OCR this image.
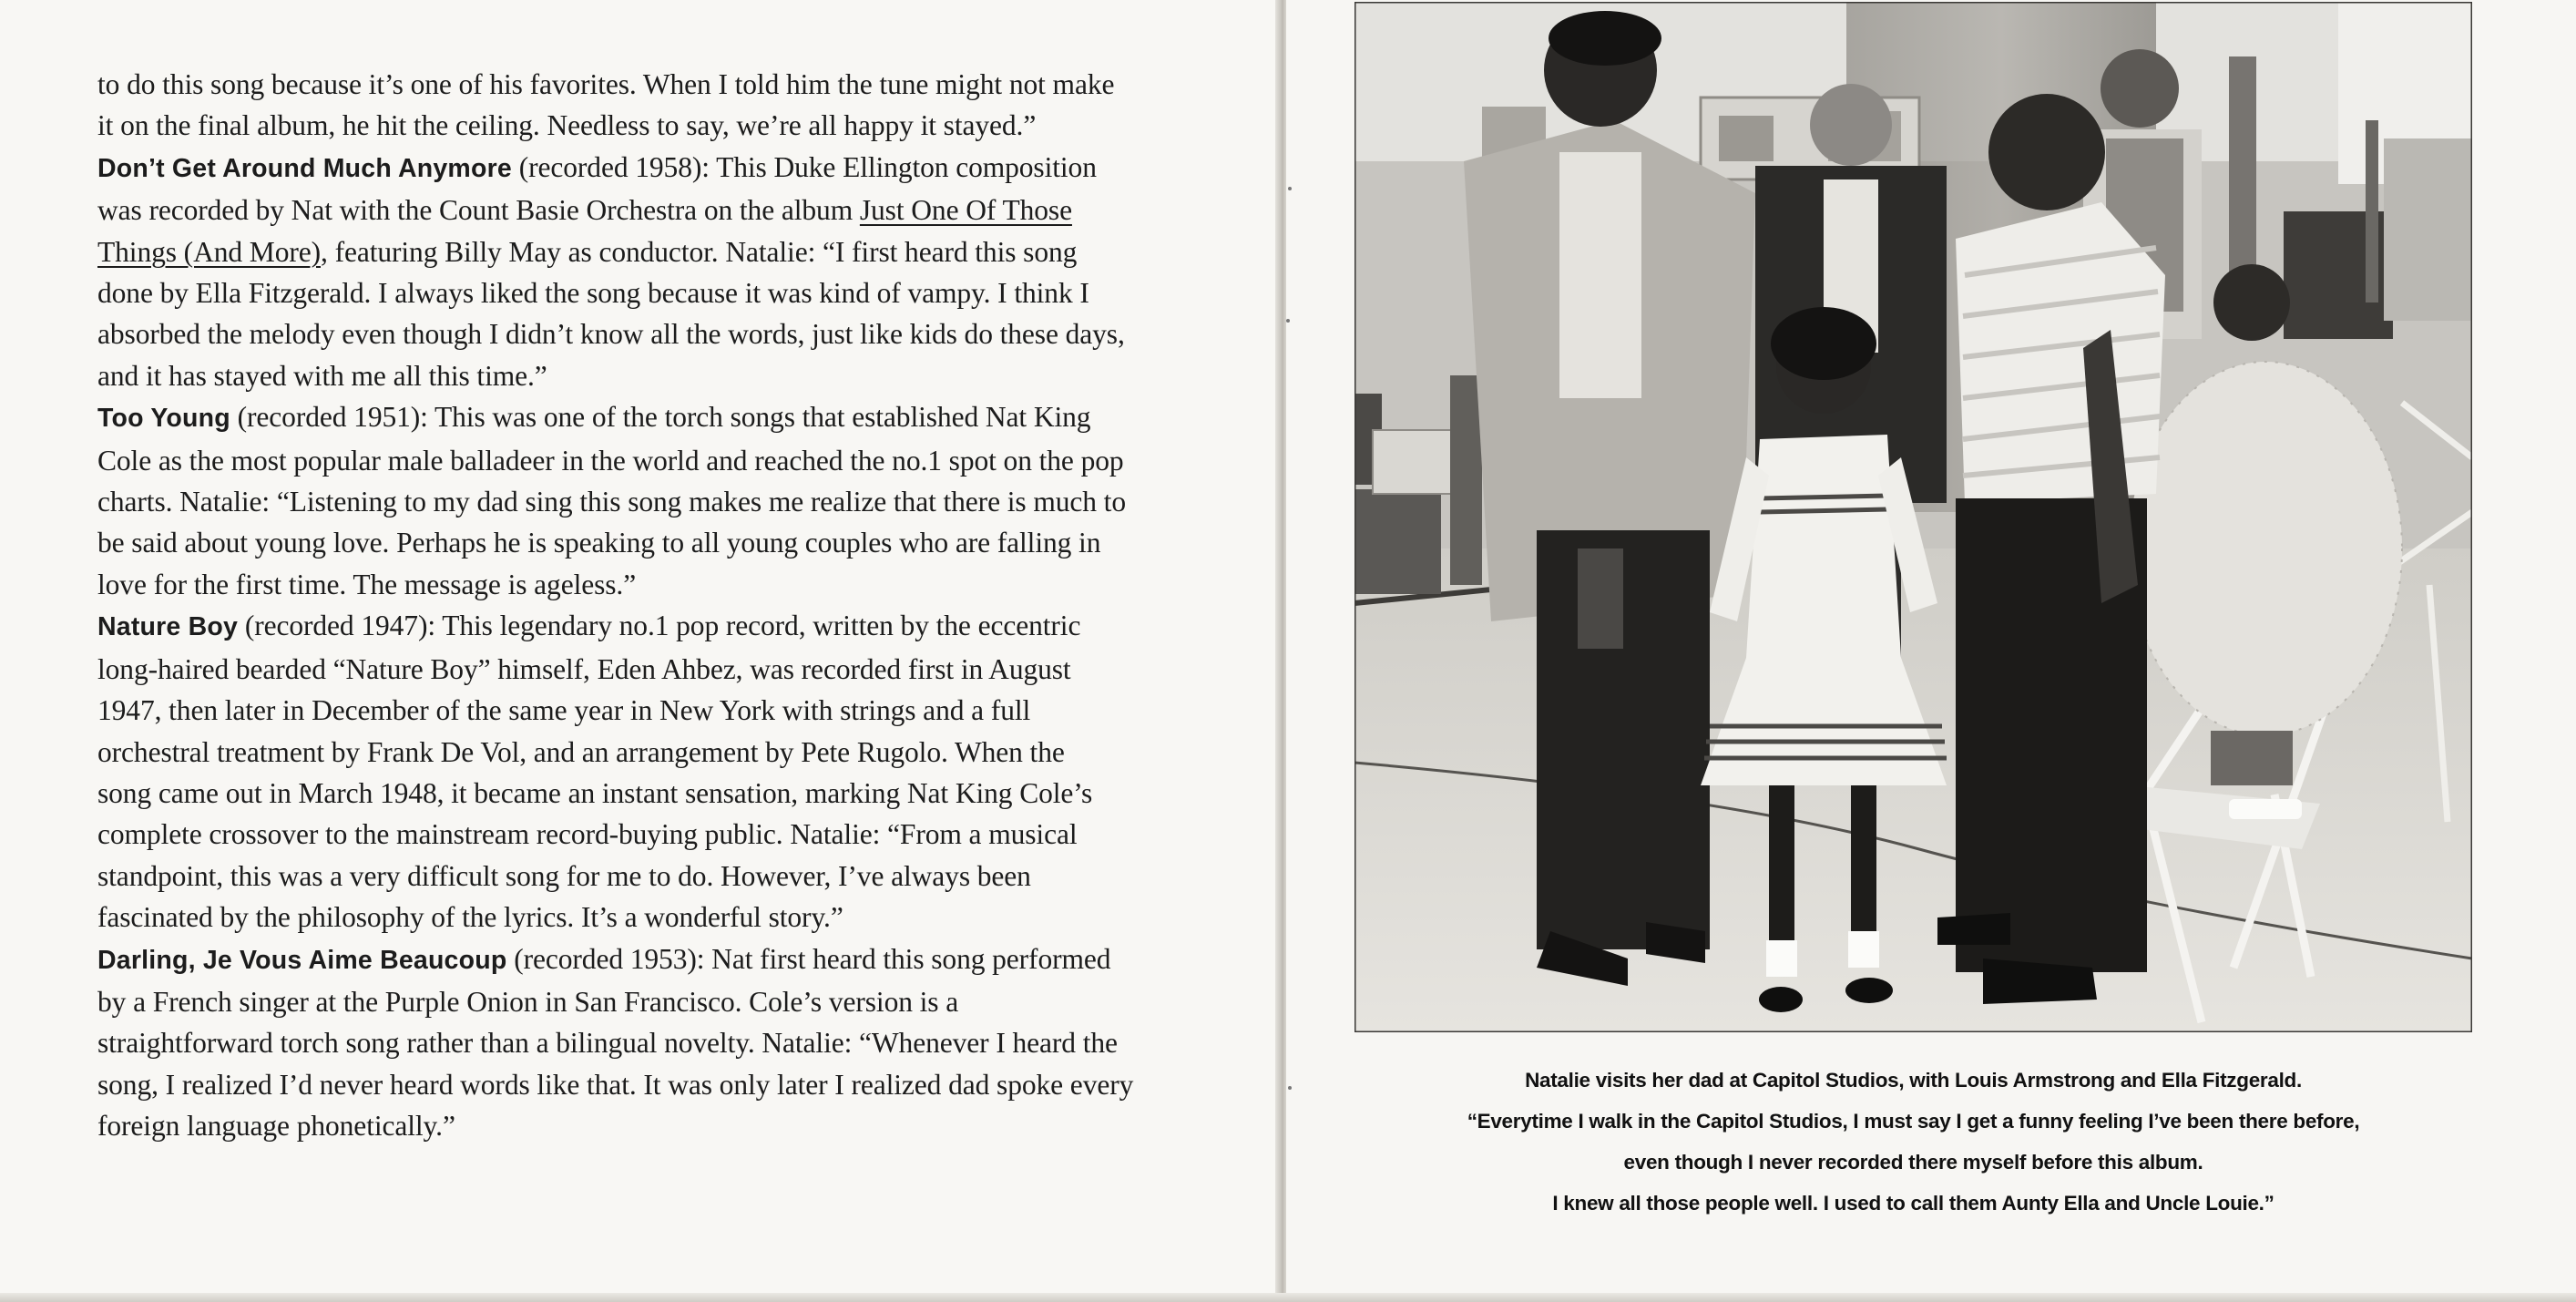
to do this song because it’s one of his favorites. When I told him the tune might not make
it on the final album, he hit the ceiling. Needless to say, we’re all happy it stayed.”
Don’t Get Around Much Anymore (recorded 1958): This Duke Ellington composition
was recorded by Nat with the Count Basie Orchestra on the album Just One Of Those
Things (And More), featuring Billy May as conductor. Natalie: “I first heard this song
done by Ella Fitzgerald. I always liked the song because it was kind of vampy. I think I
absorbed the melody even though I didn’t know all the words, just like kids do these days,
and it has stayed with me all this time.”
Too Young (recorded 1951): This was one of the torch songs that established Nat King
Cole as the most popular male balladeer in the world and reached the no.1 spot on the pop
charts. Natalie: “Listening to my dad sing this song makes me realize that there is much to
be said about young love. Perhaps he is speaking to all young couples who are falling in
love for the first time. The message is ageless.”
Nature Boy (recorded 1947): This legendary no.1 pop record, written by the eccentric
long-haired bearded “Nature Boy” himself, Eden Ahbez, was recorded first in August
1947, then later in December of the same year in New York with strings and a full
orchestral treatment by Frank De Vol, and an arrangement by Pete Rugolo. When the
song came out in March 1948, it became an instant sensation, marking Nat King Cole’s
complete crossover to the mainstream record-buying public. Natalie: “From a musical
standpoint, this was a very difficult song for me to do. However, I’ve always been
fascinated by the philosophy of the lyrics. It’s a wonderful story.”
Darling, Je Vous Aime Beaucoup (recorded 1953): Nat first heard this song performed
by a French singer at the Purple Onion in San Francisco. Cole’s version is a
straightforward torch song rather than a bilingual novelty. Natalie: “Whenever I heard the
song, I realized I’d never heard words like that. It was only later I realized dad spoke every
foreign language phonetically.”
Natalie visits her dad at Capitol Studios, with Louis Armstrong and Ella Fitzgerald.
“Everytime I walk in the Capitol Studios, I must say I get a funny feeling I’ve been there before,
even though I never recorded there myself before this album.
I knew all those people well. I used to call them Aunty Ella and Uncle Louie.”
